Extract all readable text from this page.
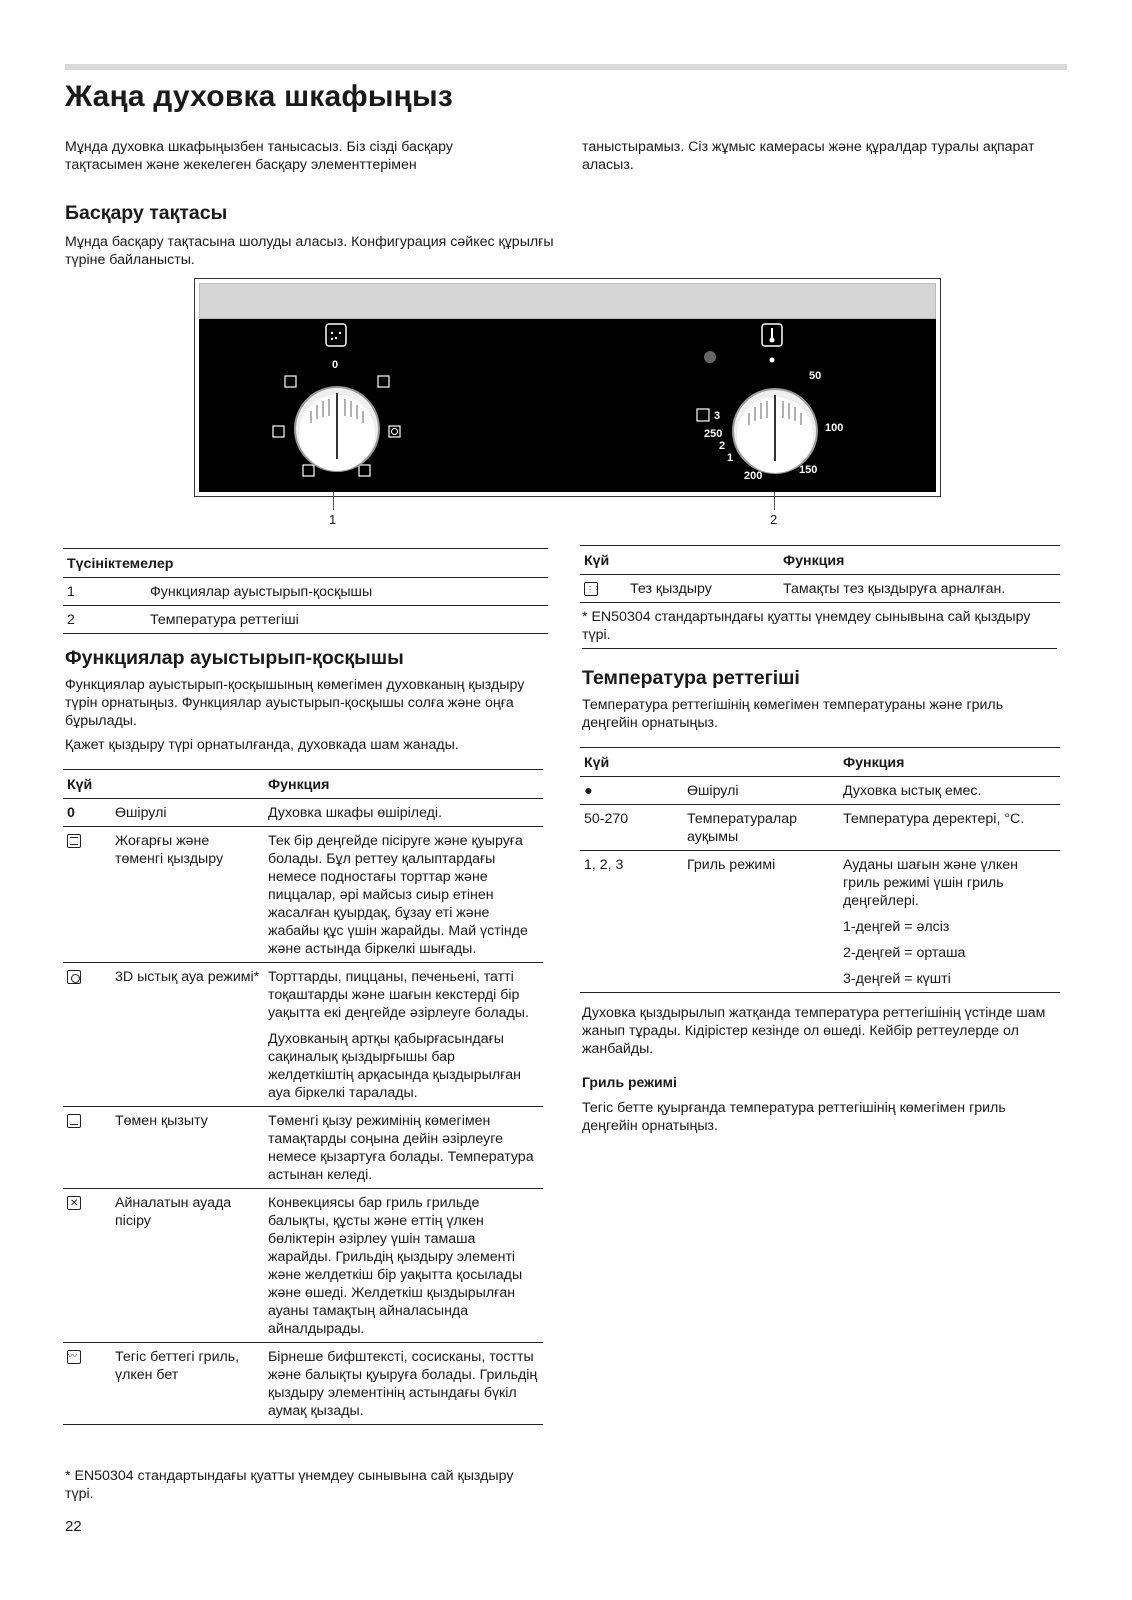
Жаңа духовка шкафыңыз

Мұнда духовка шкафыңызбен танысасыз. Біз сізді басқару тақтасымен және жекелеген басқару элементтерімен

таныстырамыз. Сіз жұмыс камерасы және құралдар туралы ақпарат аласыз.

Басқару тақтасы

Мұнда басқару тақтасына шолуды аласыз. Конфигурация сәйкес құрылғы түріне байланысты.

0
50
100
150
200
250
3
2
1
1	2
Түсініктемелер	
1	Функциялар ауыстырып-қосқышы
2	Температура реттегіші
Функциялар ауыстырып-қосқышы

Функциялар ауыстырып-қосқышының көмегімен духовканың қыздыру түрін орнатыңыз. Функциялар ауыстырып-қосқышы солға және оңға бұрылады.

Қажет қыздыру түрі орнатылғанда, духовкада шам жанады.

Күй		Функция
0	Өшірулі	Духовка шкафы өшіріледі.

	Жоғарғы және төменгі қыздыру	Тек бір деңгейде пісіруге және қуыруға болады. Бұл реттеу қалыптардағы немесе подностағы торттар және пиццалар, әрі майсыз сиыр етінен жасалған қуырдақ, бұзау еті және жабайы құс үшін жарайды. Май үстінде және астында біркелкі шығады.

	3D ыстық ауа режимі*	Торттарды, пиццаны, печеньені, татті тоқаштарды және шағын кекстерді бір уақытта екі деңгейде әзірлеуге болады.

Духовканың артқы қабырғасындағы сақиналық қыздырғышы бар желдеткіштің арқасында қыздырылған ауа біркелкі таралады.

	Төмен қызыту	Төменгі қызу режимінің көмегімен тамақтарды соңына дейін әзірлеуге немесе қызартуға болады. Температура астынан келеді.

✕	Айналатын ауада пісіру	Конвекциясы бар гриль грильде балықты, құсты және еттің үлкен бөліктерін әзірлеу үшін тамаша жарайды. Грильдің қыздыру элементі және желдеткіш бір уақытта қосылады және өшеді. Желдеткіш қыздырылған ауаны тамақтың айналасында айналдырады.

〰	Тегіс беттегі гриль, үлкен бет	Бірнеше бифштексті, сосисканы, тостты және балықты қуыруға болады. Грильдің қыздыру элементінің астындағы бүкіл аумақ қызады.

* EN50304 стандартындағы қуатты үнемдеу сынывына сай қыздыру түрі.

22
Күй		Функция
⋮⋮	Тез қыздыру	Тамақты тез қыздыруға арналған.

* EN50304 стандартындағы қуатты үнемдеу сынывына сай қыздыру түрі.

Температура реттегіші

Температура реттегішінің көмегімен температураны және гриль деңгейін орнатыңыз.

Күй		Функция
●	Өшірулі	Духовка ыстық емес.

50-270	Температуралар ауқымы	Температура деректері, °C.

1, 2, 3	Гриль режимі	Ауданы шағын және үлкен гриль режимі үшін гриль деңгейлері.

1-деңгей = әлсіз

2-деңгей = орташа

3-деңгей = күшті

Духовка қыздырылып жатқанда температура реттегішінің үстінде шам жанып тұрады. Кідірістер кезінде ол өшеді. Кейбір реттеулерде ол жанбайды.

Гриль режимі

Тегіс бетте қуырғанда температура реттегішінің көмегімен гриль деңгейін орнатыңыз.
